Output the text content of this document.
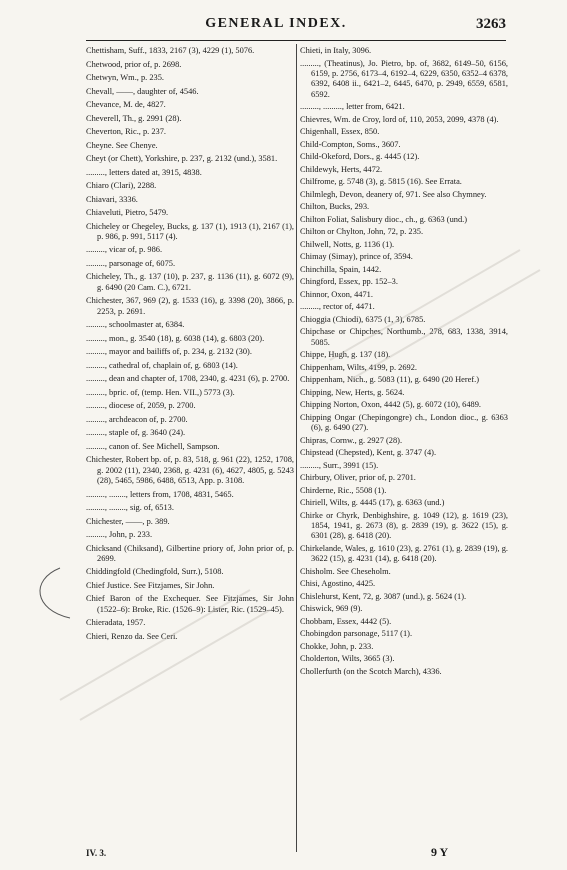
GENERAL INDEX.	3263
Chettisham, Suff., 1833, 2167 (3), 4229 (1), 5076.
Chetwood, prior of, p. 2698.
Chetwyn, Wm., p. 235.
Chevall, ——, daughter of, 4546.
Chevance, M. de, 4827.
Cheverell, Th., g. 2991 (28).
Cheverton, Ric., p. 237.
Cheyne. See Chenye.
Cheyt (or Chett), Yorkshire, p. 237, g. 2132 (und.), 3581.
........., letters dated at, 3915, 4838.
Chiaro (Clari), 2288.
Chiavari, 3336.
Chiaveluti, Pietro, 5479.
Chicheley or Chegeley, Bucks, g. 137 (1), 1913 (1), 2167 (1), p. 986, p. 991, 5117 (4).
........., vicar of, p. 986.
........., parsonage of, 6075.
Chicheley, Th., g. 137 (10), p. 237, g. 1136 (11), g. 6072 (9), g. 6490 (20 Cam. C.), 6721.
Chichester, 367, 969 (2), g. 1533 (16), g. 3398 (20), 3866, p. 2253, p. 2691.
........., schoolmaster at, 6384.
........., mon., g. 3540 (18), g. 6038 (14), g. 6803 (20).
........., mayor and bailiffs of, p. 234, g. 2132 (30).
........., cathedral of, chaplain of, g. 6803 (14).
........., dean and chapter of, 1708, 2340, g. 4231 (6), p. 2700.
........., bpric. of, (temp. Hen. VII.,) 5773 (3).
........., diocese of, 2059, p. 2700.
........., archdeacon of, p. 2700.
........., staple of, g. 3640 (24).
........., canon of. See Michell, Sampson.
Chichester, Robert bp. of, p. 83, 518, g. 961 (22), 1252, 1708, g. 2002 (11), 2340, 2368, g. 4231 (6), 4627, 4805, g. 5243 (28), 5465, 5986, 6488, 6513, App. p. 3108.
........., ........, letters from, 1708, 4831, 5465.
........., ........, sig. of, 6513.
Chichester, ——, p. 389.
........., John, p. 233.
Chicksand (Chiksand), Gilbertine priory of, John prior of, p. 2699.
Chiddingfold (Chedingfold, Surr.), 5108.
Chief Justice. See Fitzjames, Sir John.
Chief Baron of the Exchequer. See Fitzjames, Sir John (1522–6): Broke, Ric. (1526–9): Lister, Ric. (1529–45).
Chieradata, 1957.
Chieri, Renzo da. See Ceri.
Chieti, in Italy, 3096.
........., (Theatinus), Jo. Pietro, bp. of, 3682, 6149–50, 6156, 6159, p. 2756, 6173–4, 6192–4, 6229, 6350, 6352–4 6378, 6392, 6408 ii., 6421–2, 6445, 6470, p. 2949, 6559, 6581, 6592.
........., ........., letter from, 6421.
Chievres, Wm. de Croy, lord of, 110, 2053, 2099, 4378 (4).
Chigenhall, Essex, 850.
Child-Compton, Soms., 3607.
Child-Okeford, Dors., g. 4445 (12).
Childewyk, Herts, 4472.
Chilfrome, g. 5748 (3), g. 5815 (16). See Errata.
Chilmlegh, Devon, deanery of, 971. See also Chymney.
Chilton, Bucks, 293.
Chilton Foliat, Salisbury dioc., ch., g. 6363 (und.)
Chilton or Chylton, John, 72, p. 235.
Chilwell, Notts, g. 1136 (1).
Chimay (Simay), prince of, 3594.
Chinchilla, Spain, 1442.
Chingford, Essex, pp. 152–3.
Chinnor, Oxon, 4471.
........., rector of, 4471.
Chioggia (Chiodi), 6375 (1, 3), 6785.
Chipchase or Chipches, Northumb., 278, 683, 1338, 3914, 5085.
Chippe, Hugh, g. 137 (18).
Chippenham, Wilts, 4199, p. 2692.
Chippenham, Nich., g. 5083 (11), g. 6490 (20 Heref.)
Chipping, New, Herts, g. 5624.
Chipping Norton, Oxon, 4442 (5), g. 6072 (10), 6489.
Chipping Ongar (Chepingongre) ch., London dioc., g. 6363 (6), g. 6490 (27).
Chipras, Cornw., g. 2927 (28).
Chipstead (Chepsted), Kent, g. 3747 (4).
........., Surr., 3991 (15).
Chirbury, Oliver, prior of, p. 2701.
Chirderne, Ric., 5508 (1).
Chiriell, Wilts, g. 4445 (17), g. 6363 (und.)
Chirke or Chyrk, Denbighshire, g. 1049 (12), g. 1619 (23), 1854, 1941, g. 2673 (8), g. 2839 (19), g. 3622 (15), g. 6301 (28), g. 6418 (20).
Chirkelande, Wales, g. 1610 (23), g. 2761 (1), g. 2839 (19), g. 3622 (15), g. 4231 (14), g. 6418 (20).
Chisholm. See Cheseholm.
Chisi, Agostino, 4425.
Chislehurst, Kent, 72, g. 3087 (und.), g. 5624 (1).
Chiswick, 969 (9).
Chobbam, Essex, 4442 (5).
Chobingdon parsonage, 5117 (1).
Chokke, John, p. 233.
Cholderton, Wilts, 3665 (3).
Chollerfurth (on the Scotch March), 4336.
IV. 3.	9 Y
